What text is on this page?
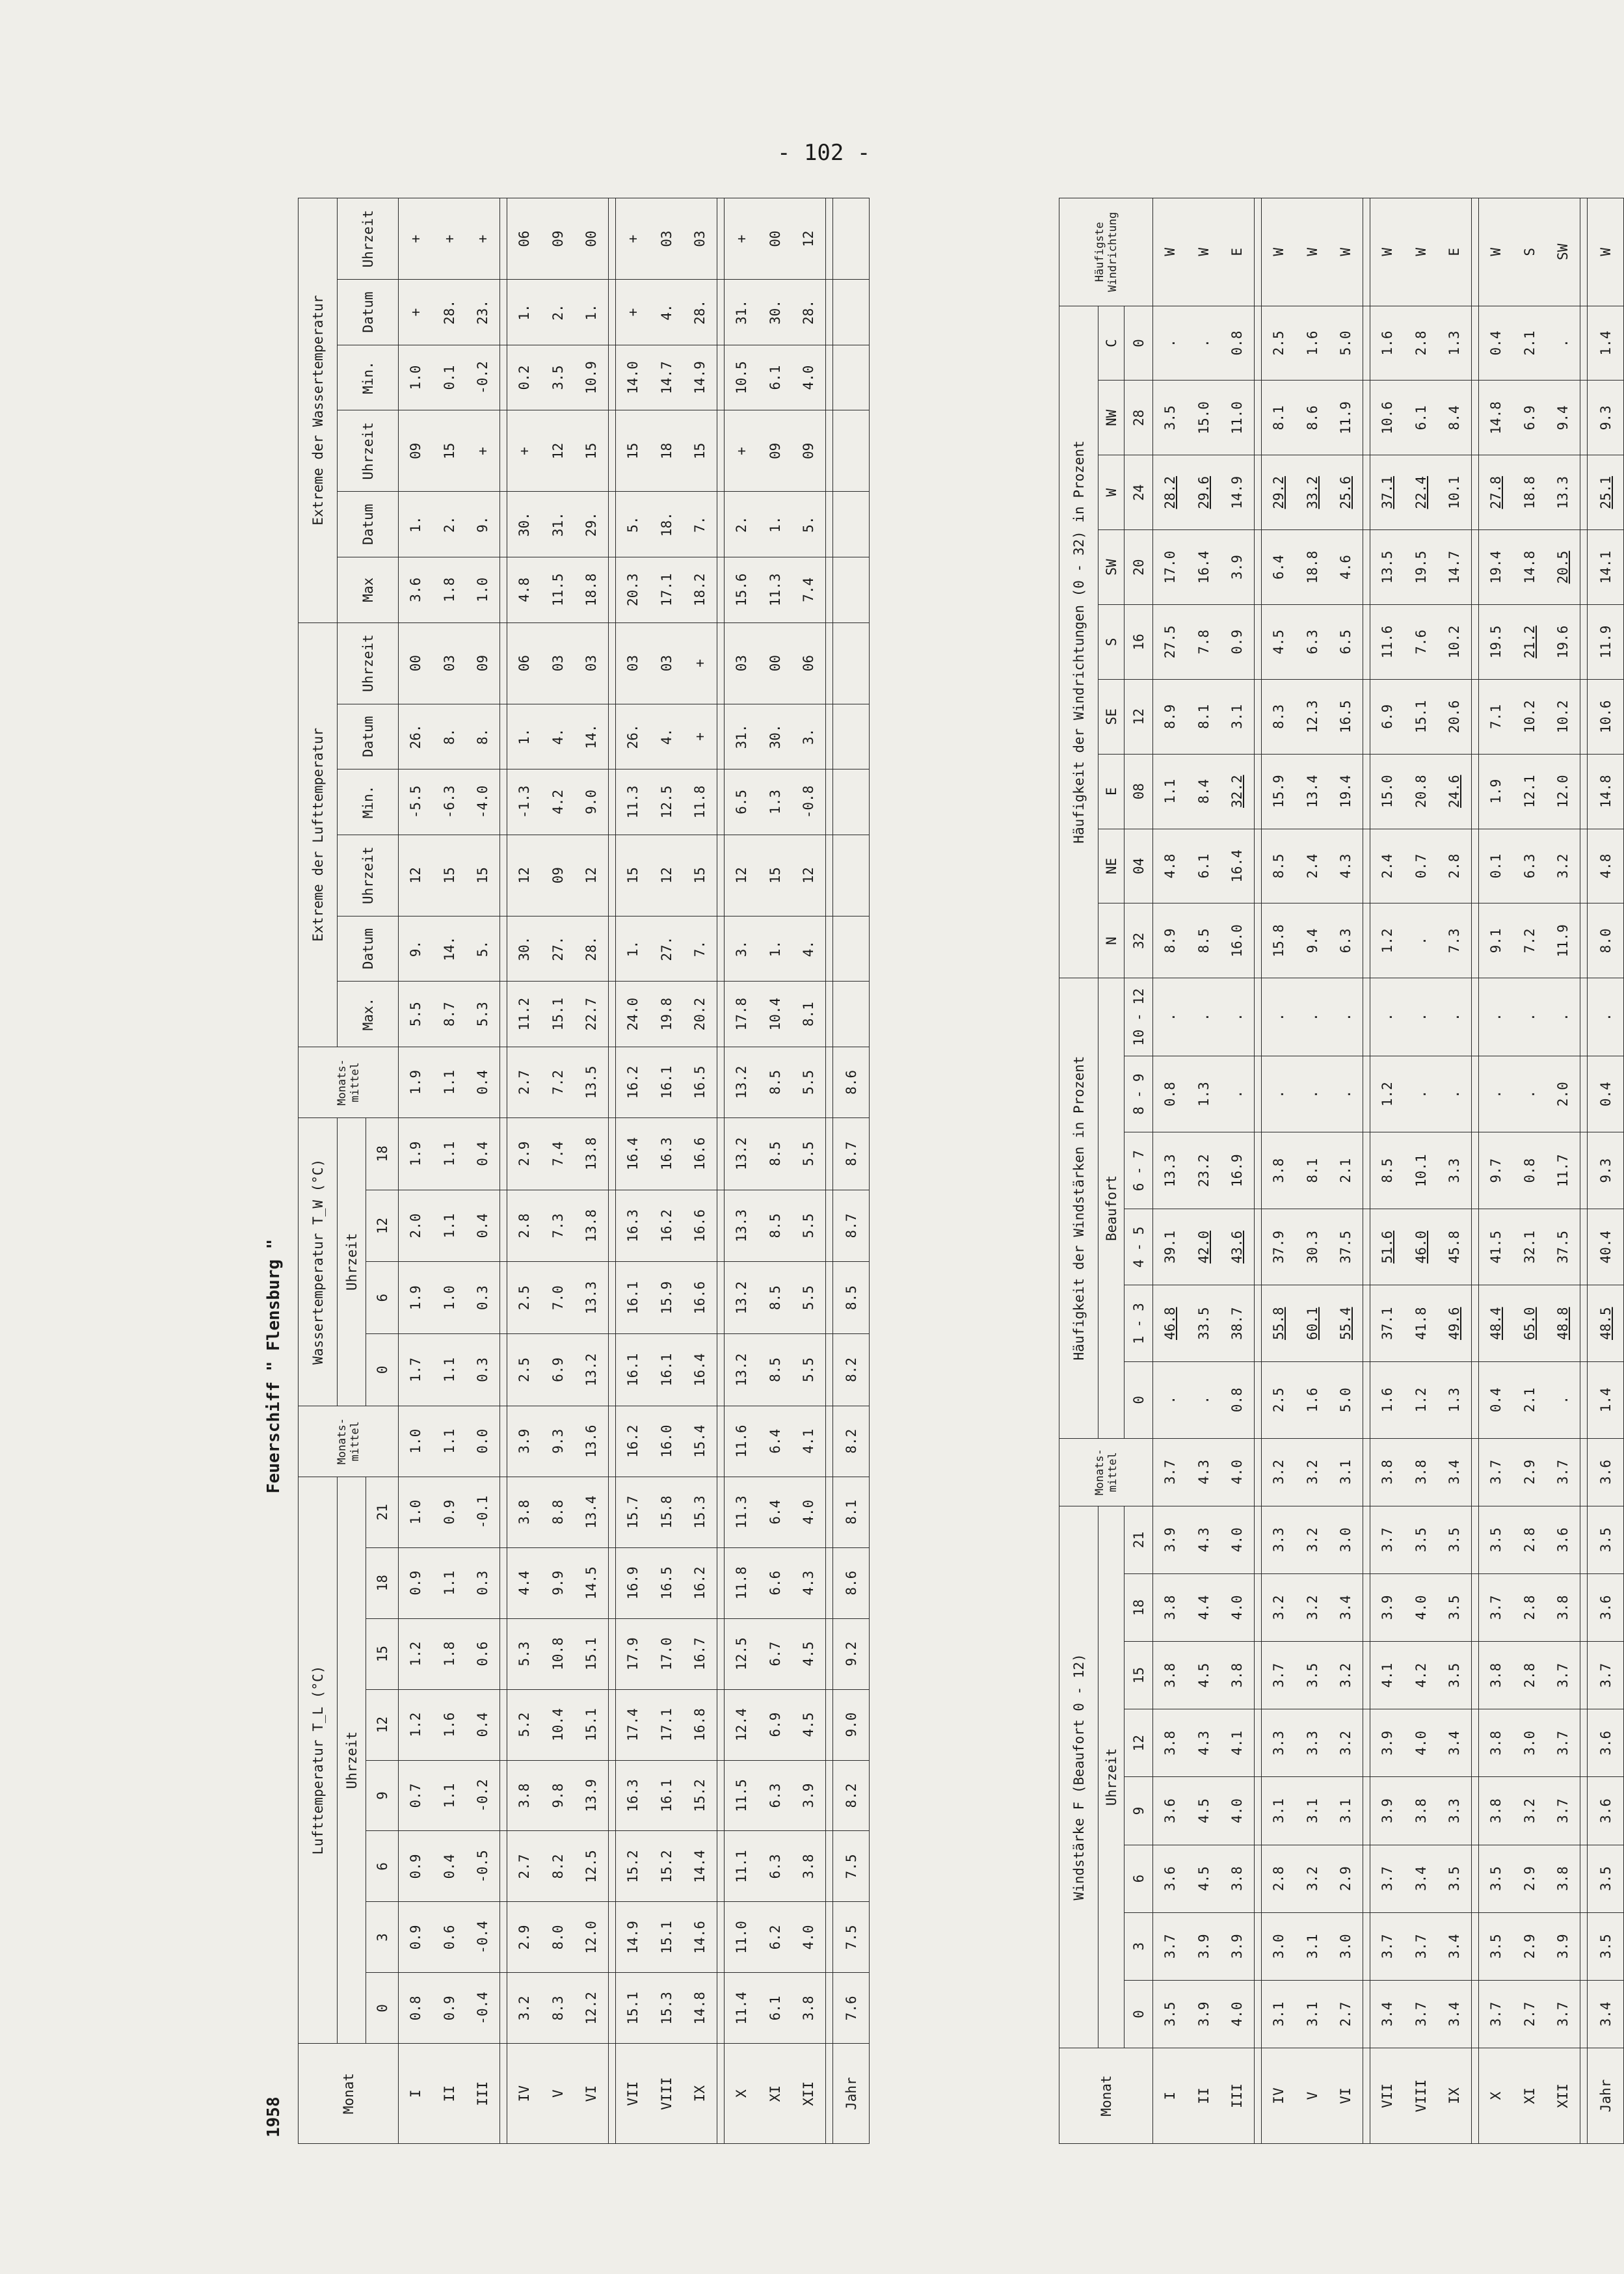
- 102 -
1958
Feuerschiff " Flensburg "
Monat	Lufttemperatur T_L (°C)								Monats-mittel	Wassertemperatur T_W (°C)				Monats-mittel	Extreme der Lufttemperatur						Extreme der Wassertemperatur					
	Uhrzeit									Uhrzeit					Max.	Datum	Uhrzeit	Min.	Datum	Uhrzeit	Max	Datum	Uhrzeit	Min.	Datum	Uhrzeit
	0	3	6	9	12	15	18	21		0	6	12	18													
I	0.8	0.9	0.9	0.7	1.2	1.2	0.9	1.0	1.0	1.7	1.9	2.0	1.9	1.9	5.5	9.	12	-5.5	26.	00	3.6	1.	09	1.0	+	+
II	0.9	0.6	0.4	1.1	1.6	1.8	1.1	0.9	1.1	1.1	1.0	1.1	1.1	1.1	8.7	14.	15	-6.3	8.	03	1.8	2.	15	0.1	28.	+
III	-0.4	-0.4	-0.5	-0.2	0.4	0.6	0.3	-0.1	0.0	0.3	0.3	0.4	0.4	0.4	5.3	5.	15	-4.0	8.	09	1.0	9.	+	-0.2	23.	+

IV	3.2	2.9	2.7	3.8	5.2	5.3	4.4	3.8	3.9	2.5	2.5	2.8	2.9	2.7	11.2	30.	12	-1.3	1.	06	4.8	30.	+	0.2	1.	06
V	8.3	8.0	8.2	9.8	10.4	10.8	9.9	8.8	9.3	6.9	7.0	7.3	7.4	7.2	15.1	27.	09	4.2	4.	03	11.5	31.	12	3.5	2.	09
VI	12.2	12.0	12.5	13.9	15.1	15.1	14.5	13.4	13.6	13.2	13.3	13.8	13.8	13.5	22.7	28.	12	9.0	14.	03	18.8	29.	15	10.9	1.	00

VII	15.1	14.9	15.2	16.3	17.4	17.9	16.9	15.7	16.2	16.1	16.1	16.3	16.4	16.2	24.0	1.	15	11.3	26.	03	20.3	5.	15	14.0	+	+
VIII	15.3	15.1	15.2	16.1	17.1	17.0	16.5	15.8	16.0	16.1	15.9	16.2	16.3	16.1	19.8	27.	12	12.5	4.	03	17.1	18.	18	14.7	4.	03
IX	14.8	14.6	14.4	15.2	16.8	16.7	16.2	15.3	15.4	16.4	16.6	16.6	16.6	16.5	20.2	7.	15	11.8	+	+	18.2	7.	15	14.9	28.	03

X	11.4	11.0	11.1	11.5	12.4	12.5	11.8	11.3	11.6	13.2	13.2	13.3	13.2	13.2	17.8	3.	12	6.5	31.	03	15.6	2.	+	10.5	31.	+
XI	6.1	6.2	6.3	6.3	6.9	6.7	6.6	6.4	6.4	8.5	8.5	8.5	8.5	8.5	10.4	1.	15	1.3	30.	00	11.3	1.	09	6.1	30.	00
XII	3.8	4.0	3.8	3.9	4.5	4.5	4.3	4.0	4.1	5.5	5.5	5.5	5.5	5.5	8.1	4.	12	-0.8	3.	06	7.4	5.	09	4.0	28.	12

Jahr	7.6	7.5	7.5	8.2	9.0	9.2	8.6	8.1	8.2	8.2	8.5	8.7	8.7	8.6												
Monat	Windstärke F (Beaufort 0 - 12)								Monats-mittel	Häufigkeit der Windstärken in Prozent						Häufigkeit der Windrichtungen (0 - 32) in Prozent									Häufigste Windrichtung
	Uhrzeit									Beaufort						N	NE	E	SE	S	SW	W	NW	C	

	0	3	6	9	12	15	18	21		0	1 - 3	4 - 5	6 - 7	8 - 9	10 - 12	32	04	08	12	16	20	24	28	0	
I	3.5	3.7	3.6	3.6	3.8	3.8	3.8	3.9	3.7	.	46.8	39.1	13.3	0.8	.	8.9	4.8	1.1	8.9	27.5	17.0	28.2	3.5	.	W
II	3.9	3.9	4.5	4.5	4.3	4.5	4.4	4.3	4.3	.	33.5	42.0	23.2	1.3	.	8.5	6.1	8.4	8.1	7.8	16.4	29.6	15.0	.	W
III	4.0	3.9	3.8	4.0	4.1	3.8	4.0	4.0	4.0	0.8	38.7	43.6	16.9	.	.	16.0	16.4	32.2	3.1	0.9	3.9	14.9	11.0	0.8	E

IV	3.1	3.0	2.8	3.1	3.3	3.7	3.2	3.3	3.2	2.5	55.8	37.9	3.8	.	.	15.8	8.5	15.9	8.3	4.5	6.4	29.2	8.1	2.5	W
V	3.1	3.1	3.2	3.1	3.3	3.5	3.2	3.2	3.2	1.6	60.1	30.3	8.1	.	.	9.4	2.4	13.4	12.3	6.3	18.8	33.2	8.6	1.6	W
VI	2.7	3.0	2.9	3.1	3.2	3.2	3.4	3.0	3.1	5.0	55.4	37.5	2.1	.	.	6.3	4.3	19.4	16.5	6.5	4.6	25.6	11.9	5.0	W

VII	3.4	3.7	3.7	3.9	3.9	4.1	3.9	3.7	3.8	1.6	37.1	51.6	8.5	1.2	.	1.2	2.4	15.0	6.9	11.6	13.5	37.1	10.6	1.6	W
VIII	3.7	3.7	3.4	3.8	4.0	4.2	4.0	3.5	3.8	1.2	41.8	46.0	10.1	.	.	.	0.7	20.8	15.1	7.6	19.5	22.4	6.1	2.8	W
IX	3.4	3.4	3.5	3.3	3.4	3.5	3.5	3.5	3.4	1.3	49.6	45.8	3.3	.	.	7.3	2.8	24.6	20.6	10.2	14.7	10.1	8.4	1.3	E

X	3.7	3.5	3.5	3.8	3.8	3.8	3.7	3.5	3.7	0.4	48.4	41.5	9.7	.	.	9.1	0.1	1.9	7.1	19.5	19.4	27.8	14.8	0.4	W
XI	2.7	2.9	2.9	3.2	3.0	2.8	2.8	2.8	2.9	2.1	65.0	32.1	0.8	.	.	7.2	6.3	12.1	10.2	21.2	14.8	18.8	6.9	2.1	S
XII	3.7	3.9	3.8	3.7	3.7	3.7	3.8	3.6	3.7	.	48.8	37.5	11.7	2.0	.	11.9	3.2	12.0	10.2	19.6	20.5	13.3	9.4	.	SW

Jahr	3.4	3.5	3.5	3.6	3.6	3.7	3.6	3.5	3.6	1.4	48.5	40.4	9.3	0.4	.	8.0	4.8	14.8	10.6	11.9	14.1	25.1	9.3	1.4	W
